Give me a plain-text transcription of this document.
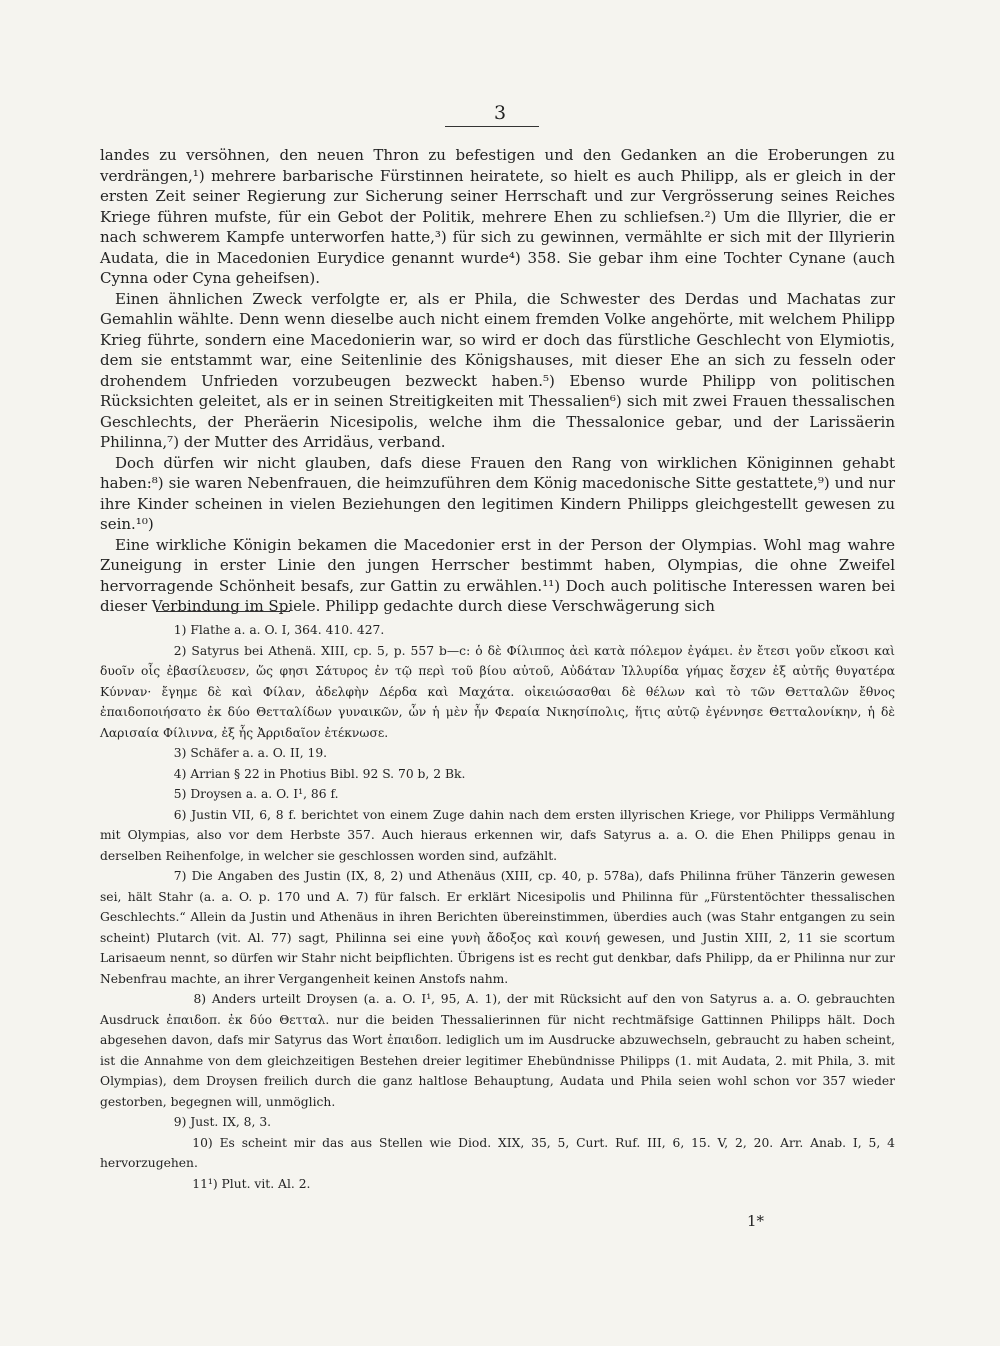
3

landes zu versöhnen, den neuen Thron zu befestigen und den Gedanken an die Eroberungen zu verdrängen,¹) mehrere barbarische Fürstinnen heiratete, so hielt es auch Philipp, als er gleich in der ersten Zeit seiner Regierung zur Sicherung seiner Herrschaft und zur Vergrösserung seines Reiches Kriege führen mufste, für ein Gebot der Politik, mehrere Ehen zu schliefsen.²) Um die Illyrier, die er nach schwerem Kampfe unterworfen hatte,³) für sich zu gewinnen, vermählte er sich mit der Illyrierin Audata, die in Macedonien Eurydice genannt wurde⁴) 358. Sie gebar ihm eine Tochter Cynane (auch Cynna oder Cyna geheifsen).

Einen ähnlichen Zweck verfolgte er, als er Phila, die Schwester des Derdas und Machatas zur Gemahlin wählte. Denn wenn dieselbe auch nicht einem fremden Volke angehörte, mit welchem Philipp Krieg führte, sondern eine Macedonierin war, so wird er doch das fürstliche Geschlecht von Elymiotis, dem sie entstammt war, eine Seitenlinie des Königshauses, mit dieser Ehe an sich zu fesseln oder drohendem Unfrieden vorzubeugen bezweckt haben.⁵) Ebenso wurde Philipp von politischen Rücksichten geleitet, als er in seinen Streitigkeiten mit Thessalien⁶) sich mit zwei Frauen thessalischen Geschlechts, der Pheräerin Nicesipolis, welche ihm die Thessalonice gebar, und der Larissäerin Philinna,⁷) der Mutter des Arridäus, verband.

Doch dürfen wir nicht glauben, dafs diese Frauen den Rang von wirklichen Königinnen gehabt haben:⁸) sie waren Nebenfrauen, die heimzuführen dem König macedonische Sitte gestattete,⁹) und nur ihre Kinder scheinen in vielen Beziehungen den legitimen Kindern Philipps gleichgestellt gewesen zu sein.¹⁰)

Eine wirkliche Königin bekamen die Macedonier erst in der Person der Olympias. Wohl mag wahre Zuneigung in erster Linie den jungen Herrscher bestimmt haben, Olympias, die ohne Zweifel hervorragende Schönheit besafs, zur Gattin zu erwählen.¹¹) Doch auch politische Interessen waren bei dieser Verbindung im Spiele. Philipp gedachte durch diese Verschwägerung sich

1) Flathe a. a. O. I, 364. 410. 427.

2) Satyrus bei Athenä. XIII, cp. 5, p. 557 b—c: ὁ δὲ Φίλιππος ἀεὶ κατὰ πόλεμον ἐγάμει. ἐν ἔτεσι γοῦν εἴκοσι καὶ δυοῖν οἷς ἐβασίλευσεν, ὥς φησι Σάτυρος ἐν τῷ περὶ τοῦ βίου αὐτοῦ, Αὐδάταν Ἰλλυρίδα γήμας ἔσχεν ἐξ αὐτῆς θυγατέρα Κύνναν· ἔγημε δὲ καὶ Φίλαν, ἀδελφὴν Δέρδα καὶ Μαχάτα. οἰκειώσασθαι δὲ θέλων καὶ τὸ τῶν Θετταλῶν ἔθνος ἐπαιδοποιήσατο ἐκ δύο Θετταλίδων γυναικῶν, ὧν ἡ μὲν ἦν Φεραία Νικησίπολις, ἥτις αὐτῷ ἐγέννησε Θετταλονίκην, ἡ δὲ Λαρισαία Φίλιννα, ἐξ ἧς Ἀρριδαῖον ἐτέκνωσε.

3) Schäfer a. a. O. II, 19.

4) Arrian § 22 in Photius Bibl. 92 S. 70 b, 2 Bk.

5) Droysen a. a. O. I¹, 86 f.

6) Justin VII, 6, 8 f. berichtet von einem Zuge dahin nach dem ersten illyrischen Kriege, vor Philipps Vermählung mit Olympias, also vor dem Herbste 357. Auch hieraus erkennen wir, dafs Satyrus a. a. O. die Ehen Philipps genau in derselben Reihenfolge, in welcher sie geschlossen worden sind, aufzählt.

7) Die Angaben des Justin (IX, 8, 2) und Athenäus (XIII, cp. 40, p. 578a), dafs Philinna früher Tänzerin gewesen sei, hält Stahr (a. a. O. p. 170 und A. 7) für falsch. Er erklärt Nicesipolis und Philinna für „Fürstentöchter thessalischen Geschlechts.“ Allein da Justin und Athenäus in ihren Berichten übereinstimmen, überdies auch (was Stahr entgangen zu sein scheint) Plutarch (vit. Al. 77) sagt, Philinna sei eine γυνὴ ἄδοξος καὶ κοινή gewesen, und Justin XIII, 2, 11 sie scortum Larisaeum nennt, so dürfen wir Stahr nicht beipflichten. Übrigens ist es recht gut denkbar, dafs Philipp, da er Philinna nur zur Nebenfrau machte, an ihrer Vergangenheit keinen Anstofs nahm.

8) Anders urteilt Droysen (a. a. O. I¹, 95, A. 1), der mit Rücksicht auf den von Satyrus a. a. O. gebrauchten Ausdruck ἐπαιδοπ. ἐκ δύο Θετταλ. nur die beiden Thessalierinnen für nicht rechtmäfsige Gattinnen Philipps hält. Doch abgesehen davon, dafs mir Satyrus das Wort ἐπαιδοπ. lediglich um im Ausdrucke abzuwechseln, gebraucht zu haben scheint, ist die Annahme von dem gleichzeitigen Bestehen dreier legitimer Ehebündnisse Philipps (1. mit Audata, 2. mit Phila, 3. mit Olympias), dem Droysen freilich durch die ganz haltlose Behauptung, Audata und Phila seien wohl schon vor 357 wieder gestorben, begegnen will, unmöglich.

9) Just. IX, 8, 3.

10) Es scheint mir das aus Stellen wie Diod. XIX, 35, 5, Curt. Ruf. III, 6, 15. V, 2, 20. Arr. Anab. I, 5, 4 hervorzugehen.

11¹) Plut. vit. Al. 2.

1*
